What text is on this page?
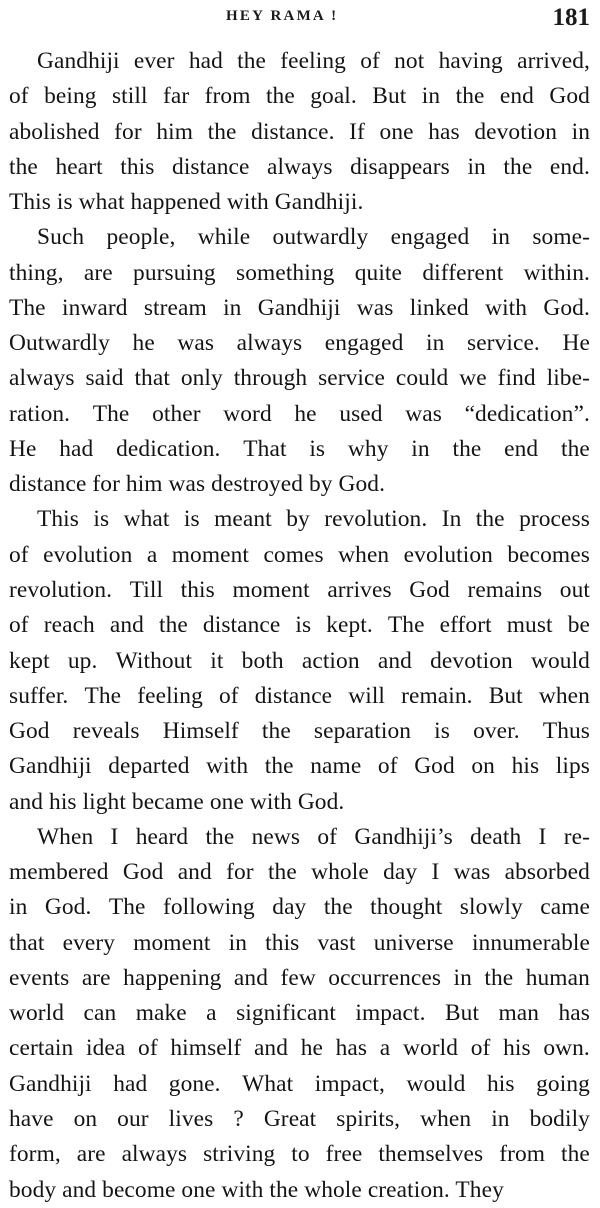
HEY RAMA !	181
Gandhiji ever had the feeling of not having arrived,
of being still far from the goal. But in the end God
abolished for him the distance. If one has devotion in
the heart this distance always disappears in the end.
This is what happened with Gandhiji.
Such people, while outwardly engaged in some-
thing, are pursuing something quite different within.
The inward stream in Gandhiji was linked with God.
Outwardly he was always engaged in service. He
always said that only through service could we find libe-
ration. The other word he used was “dedication”.
He had dedication. That is why in the end the
distance for him was destroyed by God.
This is what is meant by revolution. In the process
of evolution a moment comes when evolution becomes
revolution. Till this moment arrives God remains out
of reach and the distance is kept. The effort must be
kept up. Without it both action and devotion would
suffer. The feeling of distance will remain. But when
God reveals Himself the separation is over. Thus
Gandhiji departed with the name of God on his lips
and his light became one with God.
When I heard the news of Gandhiji’s death I re-
membered God and for the whole day I was absorbed
in God. The following day the thought slowly came
that every moment in this vast universe innumerable
events are happening and few occurrences in the human
world can make a significant impact. But man has
certain idea of himself and he has a world of his own.
Gandhiji had gone. What impact, would his going
have on our lives ? Great spirits, when in bodily
form, are always striving to free themselves from the
body and become one with the whole creation. They
